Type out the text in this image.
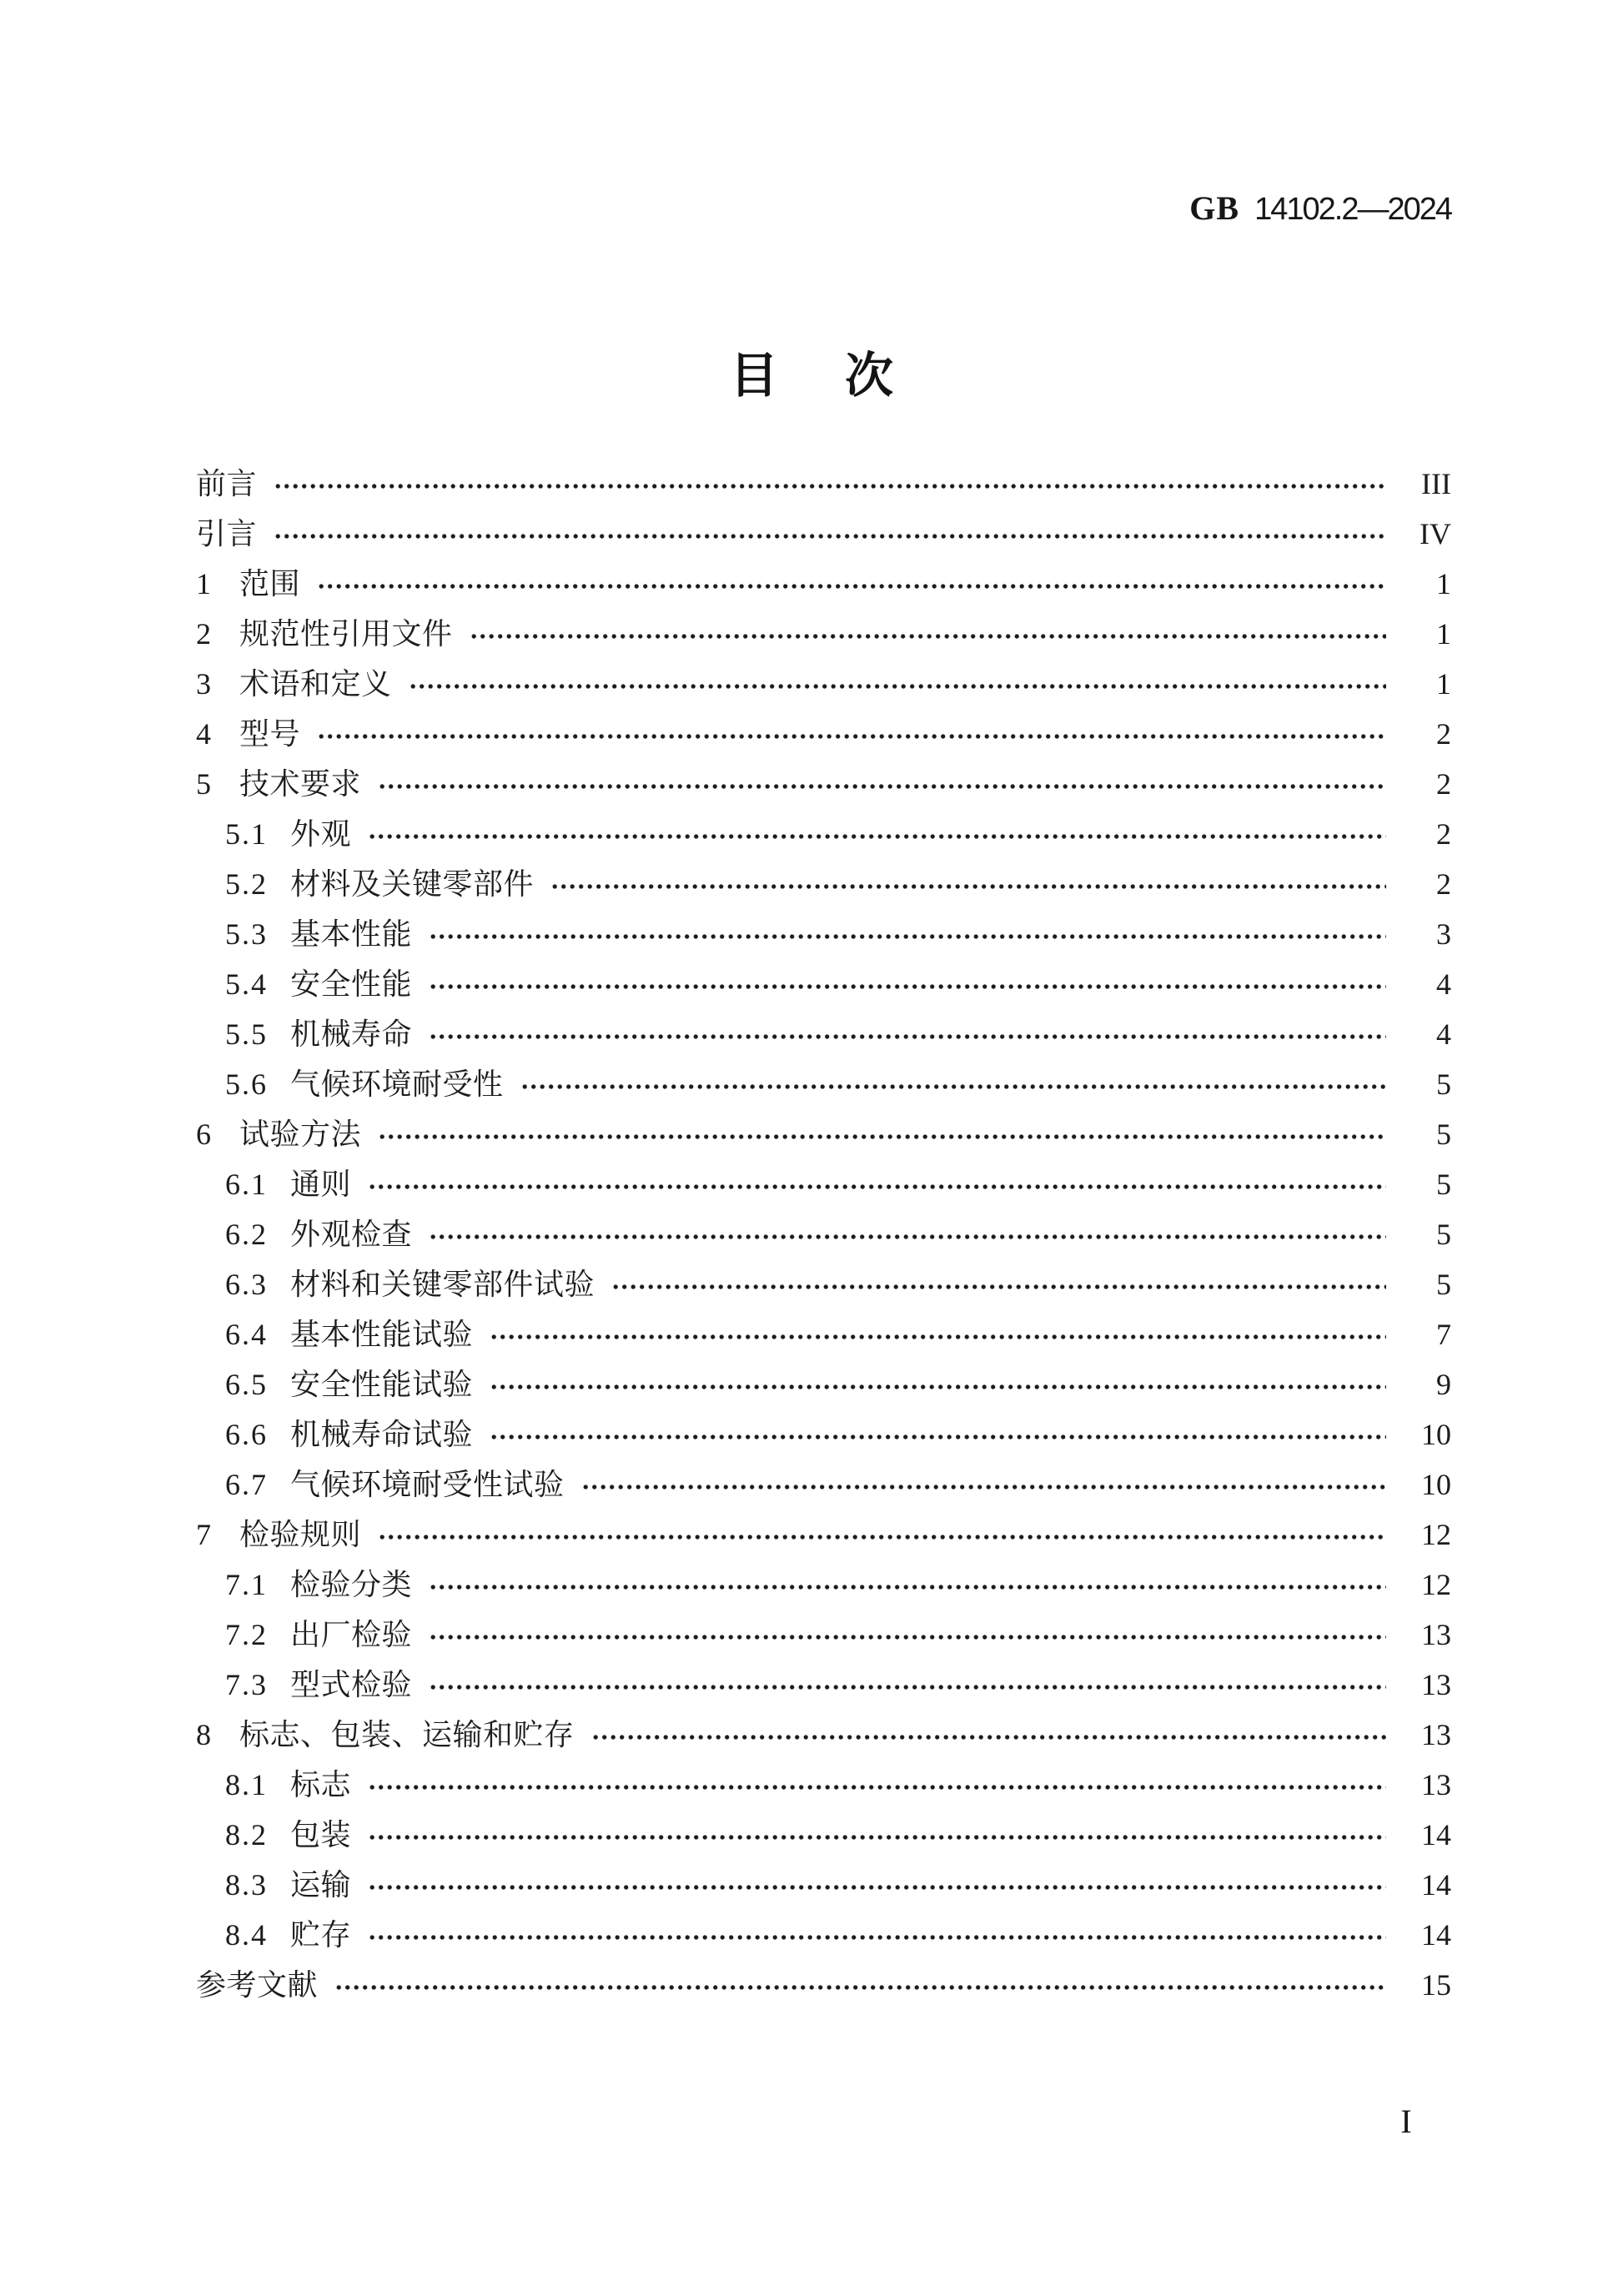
GB 14102.2—2024
目 次
前言	III
引言	IV
1 范围	1
2 规范性引用文件	1
3 术语和定义	1
4 型号	2
5 技术要求	2
5.1 外观	2
5.2 材料及关键零部件	2
5.3 基本性能	3
5.4 安全性能	4
5.5 机械寿命	4
5.6 气候环境耐受性	5
6 试验方法	5
6.1 通则	5
6.2 外观检查	5
6.3 材料和关键零部件试验	5
6.4 基本性能试验	7
6.5 安全性能试验	9
6.6 机械寿命试验	10
6.7 气候环境耐受性试验	10
7 检验规则	12
7.1 检验分类	12
7.2 出厂检验	13
7.3 型式检验	13
8 标志、包装、运输和贮存	13
8.1 标志	13
8.2 包装	14
8.3 运输	14
8.4 贮存	14
参考文献	15
I
